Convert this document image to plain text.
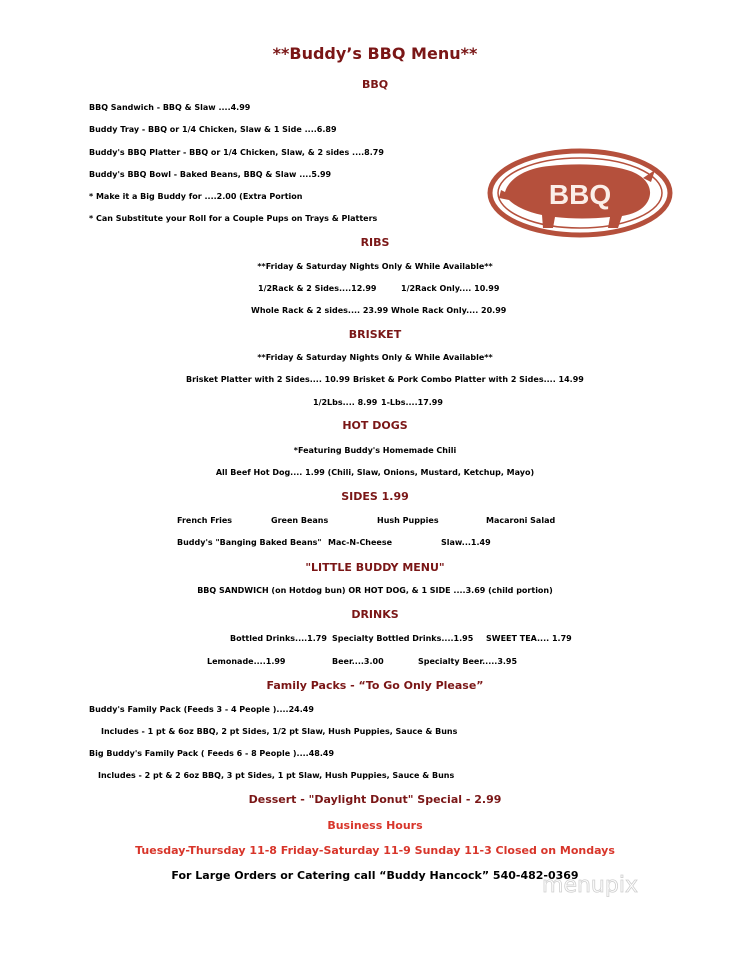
**Buddy’s BBQ Menu**
BBQ
BBQ Sandwich - BBQ & Slaw ....4.99
Buddy Tray - BBQ or 1/4 Chicken, Slaw & 1 Side ....6.89
Buddy's BBQ Platter - BBQ or 1/4 Chicken, Slaw, & 2 sides ....8.79
Buddy's BBQ Bowl - Baked Beans, BBQ & Slaw ....5.99
* Make it a Big Buddy for ....2.00 (Extra Portion
* Can Substitute your Roll for a Couple Pups on Trays & Platters
BBQ
RIBS
**Friday & Saturday Nights Only & While Available**
1/2Rack & 2 Sides....12.99	1/2Rack Only.... 10.99
Whole Rack & 2 sides.... 23.99 Whole Rack Only.... 20.99
BRISKET
**Friday & Saturday Nights Only & While Available**
Brisket Platter with 2 Sides.... 10.99 Brisket & Pork Combo Platter with 2 Sides.... 14.99
1/2Lbs.... 8.99 1-Lbs....17.99
HOT DOGS
*Featuring Buddy's Homemade Chili
All Beef Hot Dog.... 1.99 (Chili, Slaw, Onions, Mustard, Ketchup, Mayo)
SIDES 1.99
French Fries	Green Beans	Hush Puppies	Macaroni Salad
Buddy's "Banging Baked Beans" Mac-N-Cheese	Slaw...1.49
"LITTLE BUDDY MENU"
BBQ SANDWICH (on Hotdog bun) OR HOT DOG, & 1 SIDE ....3.69 (child portion)
DRINKS
Bottled Drinks....1.79 Specialty Bottled Drinks....1.95 SWEET TEA.... 1.79
Lemonade....1.99	Beer....3.00	Specialty Beer.....3.95
Family Packs - “To Go Only Please”
Buddy's Family Pack (Feeds 3 - 4 People )....24.49
Includes - 1 pt & 6oz BBQ, 2 pt Sides, 1/2 pt Slaw, Hush Puppies, Sauce & Buns
Big Buddy's Family Pack ( Feeds 6 - 8 People )....48.49
Includes - 2 pt & 2 6oz BBQ, 3 pt Sides, 1 pt Slaw, Hush Puppies, Sauce & Buns
Dessert - "Daylight Donut" Special - 2.99
Business Hours
Tuesday-Thursday 11-8 Friday-Saturday 11-9 Sunday 11-3 Closed on Mondays
For Large Orders or Catering call “Buddy Hancock” 540-482-0369
menupix
